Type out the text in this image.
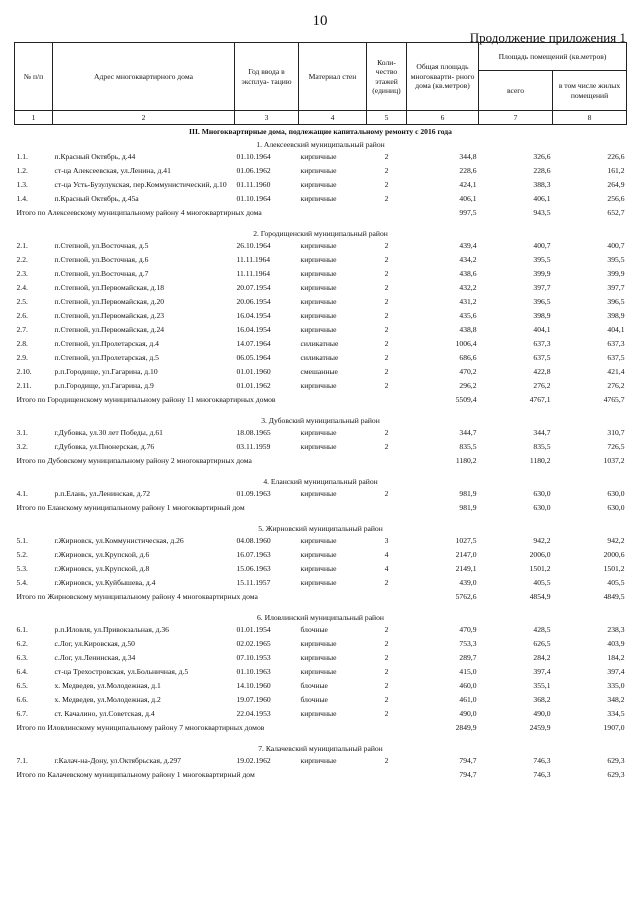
10
Продолжение приложения 1
№ п/п	Адрес многоквартирного дома	Год ввода в эксплуа- тацию	Материал стен	Коли- чество этажей (единиц)	Общая площадь многокварти- рного дома (кв.метров)	Площадь помещений (кв.метров)	
						всего	в том числе жилых помещений
1	2	3	4	5	6	7	8
III. Многоквартирные дома, подлежащие капитальному ремонту с 2016 года							
1. Алексеевский муниципальный район							
1.1.	п.Красный Октябрь, д.44	01.10.1964	кирпичные	2	344,8	326,6	226,6
1.2.	ст-ца Алексеевская, ул.Ленина, д.41	01.06.1962	кирпичные	2	228,6	228,6	161,2
1.3.	ст-ца Усть-Бузулукская, пер.Коммунистический, д.10	01.11.1960	кирпичные	2	424,1	388,3	264,9
1.4.	п.Красный Октябрь, д.45а	01.10.1964	кирпичные	2	406,1	406,1	256,6
Итого по Алексеевскому муниципальному району 4 многоквартирных дома					997,5	943,5	652,7
2. Городищенский муниципальный район							
2.1.	п.Степной, ул.Восточная, д.5	26.10.1964	кирпичные	2	439,4	400,7	400,7
2.2.	п.Степной, ул.Восточная, д.6	11.11.1964	кирпичные	2	434,2	395,5	395,5
2.3.	п.Степной, ул.Восточная, д.7	11.11.1964	кирпичные	2	438,6	399,9	399,9
2.4.	п.Степной, ул.Первомайская, д.18	20.07.1954	кирпичные	2	432,2	397,7	397,7
2.5.	п.Степной, ул.Первомайская, д.20	20.06.1954	кирпичные	2	431,2	396,5	396,5
2.6.	п.Степной, ул.Первомайская, д.23	16.04.1954	кирпичные	2	435,6	398,9	398,9
2.7.	п.Степной, ул.Первомайская, д.24	16.04.1954	кирпичные	2	438,8	404,1	404,1
2.8.	п.Степной, ул.Пролетарская, д.4	14.07.1964	силикатные	2	1006,4	637,3	637,3
2.9.	п.Степной, ул.Пролетарская, д.5	06.05.1964	силикатные	2	686,6	637,5	637,5
2.10.	р.п.Городище, ул.Гагарина, д.10	01.01.1960	смешанные	2	470,2	422,8	421,4
2.11.	р.п.Городище, ул.Гагарина, д.9	01.01.1962	кирпичные	2	296,2	276,2	276,2
Итого по Городищенскому муниципальному району 11 многоквартирных домов					5509,4	4767,1	4765,7
3. Дубовский муниципальный район							
3.1.	г.Дубовка, ул.30 лет Победы, д.61	18.08.1965	кирпичные	2	344,7	344,7	310,7
3.2.	г.Дубовка, ул.Пионерская, д.76	03.11.1959	кирпичные	2	835,5	835,5	726,5
Итого по Дубовскому муниципальному району 2 многоквартирных дома					1180,2	1180,2	1037,2
4. Еланский муниципальный район							
4.1.	р.п.Елань, ул.Ленинская, д.72	01.09.1963	кирпичные	2	981,9	630,0	630,0
Итого по Еланскому муниципальному району 1 многоквартирный дом					981,9	630,0	630,0
5. Жирновский муниципальный район							
5.1.	г.Жирновск, ул.Коммунистическая, д.26	04.08.1960	кирпичные	3	1027,5	942,2	942,2
5.2.	г.Жирновск, ул.Крупской, д.6	16.07.1963	кирпичные	4	2147,0	2006,0	2000,6
5.3.	г.Жирновск, ул.Крупской, д.8	15.06.1963	кирпичные	4	2149,1	1501,2	1501,2
5.4.	г.Жирновск, ул.Куйбышева, д.4	15.11.1957	кирпичные	2	439,0	405,5	405,5
Итого по Жирновскому муниципальному району 4 многоквартирных дома					5762,6	4854,9	4849,5
6. Иловлинский муниципальный район							
6.1.	р.п.Иловля, ул.Привокзальная, д.36	01.01.1954	блочные	2	470,9	428,5	238,3
6.2.	с.Лог, ул.Кировская, д.50	02.02.1965	кирпичные	2	753,3	626,5	403,9
6.3.	с.Лог, ул.Ленинская, д.34	07.10.1953	кирпичные	2	289,7	284,2	184,2
6.4.	ст-ца Трехостровская, ул.Больничная, д.5	01.10.1963	кирпичные	2	415,0	397,4	397,4
6.5.	х. Медведев, ул.Молодежная, д.1	14.10.1960	блочные	2	460,0	355,1	335,0
6.6.	х. Медведев, ул.Молодежная, д.2	19.07.1960	блочные	2	461,0	368,2	348,2
6.7.	ст. Качалино, ул.Советская, д.4	22.04.1953	кирпичные	2	490,0	490,0	334,5
Итого по Иловлинскому муниципальному району 7 многоквартирных домов					2849,9	2459,9	1907,0
7. Калачевский муниципальный район							
7.1.	г.Калач-на-Дону, ул.Октябрьская, д.297	19.02.1962	кирпичные	2	794,7	746,3	629,3
Итого по Калачевскому муниципальному району 1 многоквартирный дом					794,7	746,3	629,3
